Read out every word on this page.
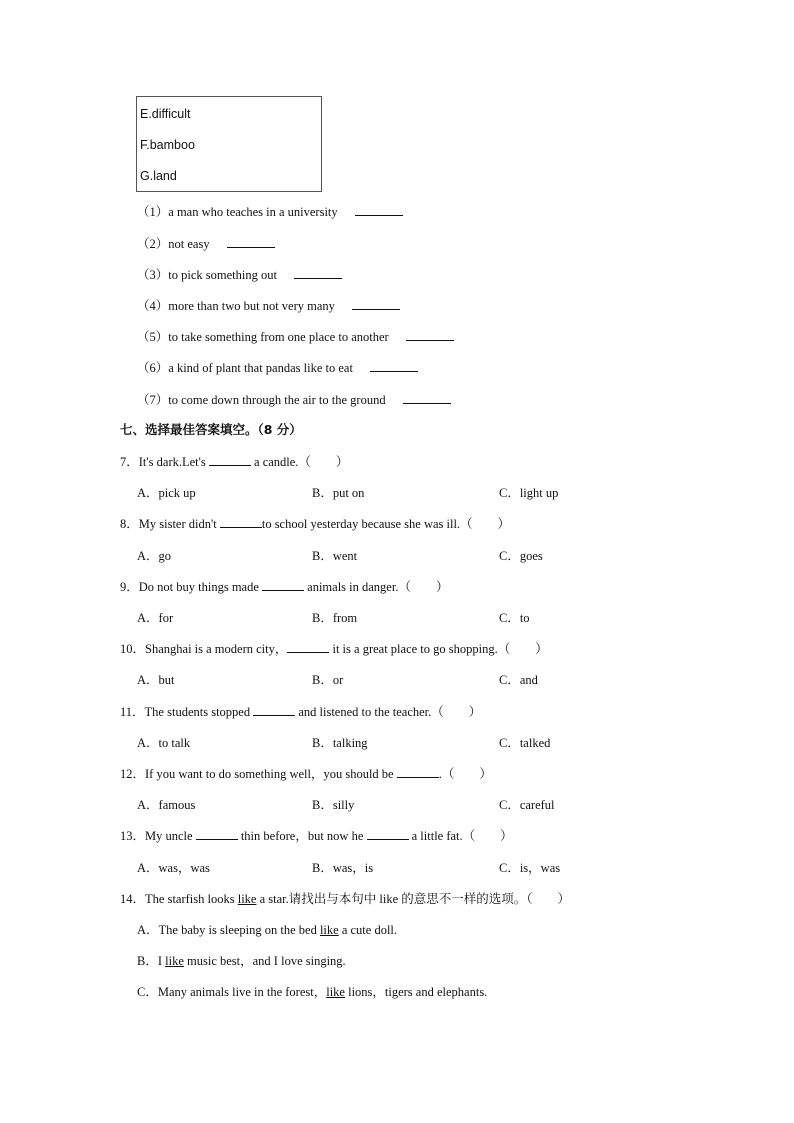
E.difficult
F.bamboo
G.land
（1）a man who teaches in a university
（2）not easy
（3）to pick something out
（4）more than two but not very many
（5）to take something from one place to another
（6）a kind of plant that pandas like to eat
（7）to come down through the air to the ground
七、选择最佳答案填空。（8 分）
7．It's dark.Let's	a candle.（　　）
A．pick up	B．put on	C．light up
8．My sister didn't	to school yesterday because she was ill.（　　）
A．go	B．went	C．goes
9．Do not buy things made	animals in danger.（　　）
A．for	B．from	C．to
10．Shanghai is a modern city，	it is a great place to go shopping.（　　）
A．but	B．or	C．and
11．The students stopped	and listened to the teacher.（　　）
A．to talk	B．talking	C．talked
12．If you want to do something well，you should be	.（　　）
A．famous	B．silly	C．careful
13．My uncle	thin before，but now he	a little fat.（　　）
A．was，was	B．was，is	C．is，was
14．The starfish looks like a star.请找出与本句中 like 的意思不一样的选项。（　　）
A．The baby is sleeping on the bed like a cute doll.
B．I like music best，and I love singing.
C．Many animals live in the forest，like lions，tigers and elephants.
